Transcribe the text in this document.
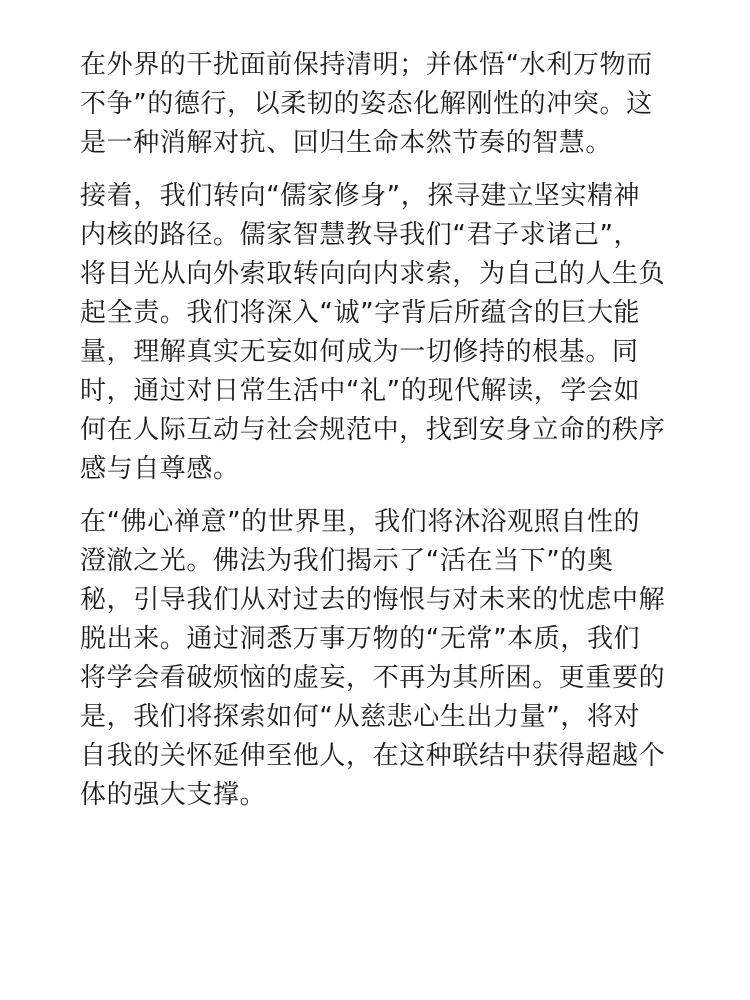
在外界的干扰面前保持清明；并体悟“水利万物而
不争”的德行，以柔韧的姿态化解刚性的冲突。这
是一种消解对抗、回归生命本然节奏的智慧。
接着，我们转向“儒家修身”，探寻建立坚实精神
内核的路径。儒家智慧教导我们“君子求诸己”，
将目光从向外索取转向向内求索，为自己的人生负
起全责。我们将深入“诚”字背后所蕴含的巨大能
量，理解真实无妄如何成为一切修持的根基。同
时，通过对日常生活中“礼”的现代解读，学会如
何在人际互动与社会规范中，找到安身立命的秩序
感与自尊感。
在“佛心禅意”的世界里，我们将沐浴观照自性的
澄澈之光。佛法为我们揭示了“活在当下”的奥
秘，引导我们从对过去的悔恨与对未来的忧虑中解
脱出来。通过洞悉万事万物的“无常”本质，我们
将学会看破烦恼的虚妄，不再为其所困。更重要的
是，我们将探索如何“从慈悲心生出力量”，将对
自我的关怀延伸至他人，在这种联结中获得超越个
体的强大支撑。
